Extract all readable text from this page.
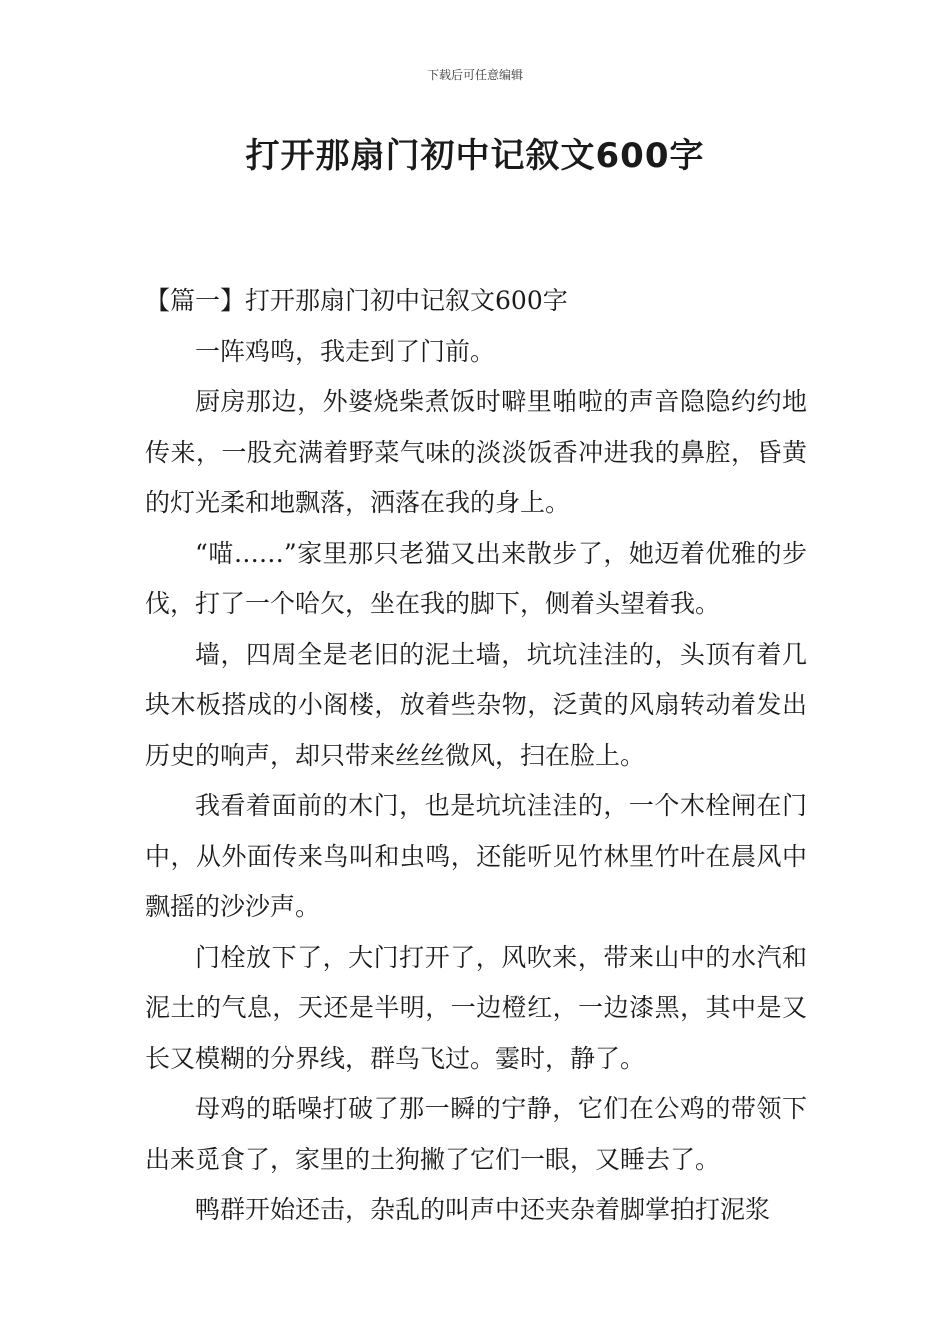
下载后可任意编辑
打开那扇门初中记叙文600字

【篇一】打开那扇门初中记叙文600字

一阵鸡鸣，我走到了门前。

厨房那边，外婆烧柴煮饭时噼里啪啦的声音隐隐约约地传来，一股充满着野菜气味的淡淡饭香冲进我的鼻腔，昏黄的灯光柔和地飘落，洒落在我的身上。

“喵……”家里那只老猫又出来散步了，她迈着优雅的步伐，打了一个哈欠，坐在我的脚下，侧着头望着我。

墙，四周全是老旧的泥土墙，坑坑洼洼的，头顶有着几块木板搭成的小阁楼，放着些杂物，泛黄的风扇转动着发出历史的响声，却只带来丝丝微风，扫在脸上。

我看着面前的木门，也是坑坑洼洼的，一个木栓闸在门中，从外面传来鸟叫和虫鸣，还能听见竹林里竹叶在晨风中飘摇的沙沙声。

门栓放下了，大门打开了，风吹来，带来山中的水汽和泥土的气息，天还是半明，一边橙红，一边漆黑，其中是又长又模糊的分界线，群鸟飞过。霎时，静了。

母鸡的聒噪打破了那一瞬的宁静，它们在公鸡的带领下出来觅食了，家里的土狗撇了它们一眼，又睡去了。

鸭群开始还击，杂乱的叫声中还夹杂着脚掌拍打泥浆
